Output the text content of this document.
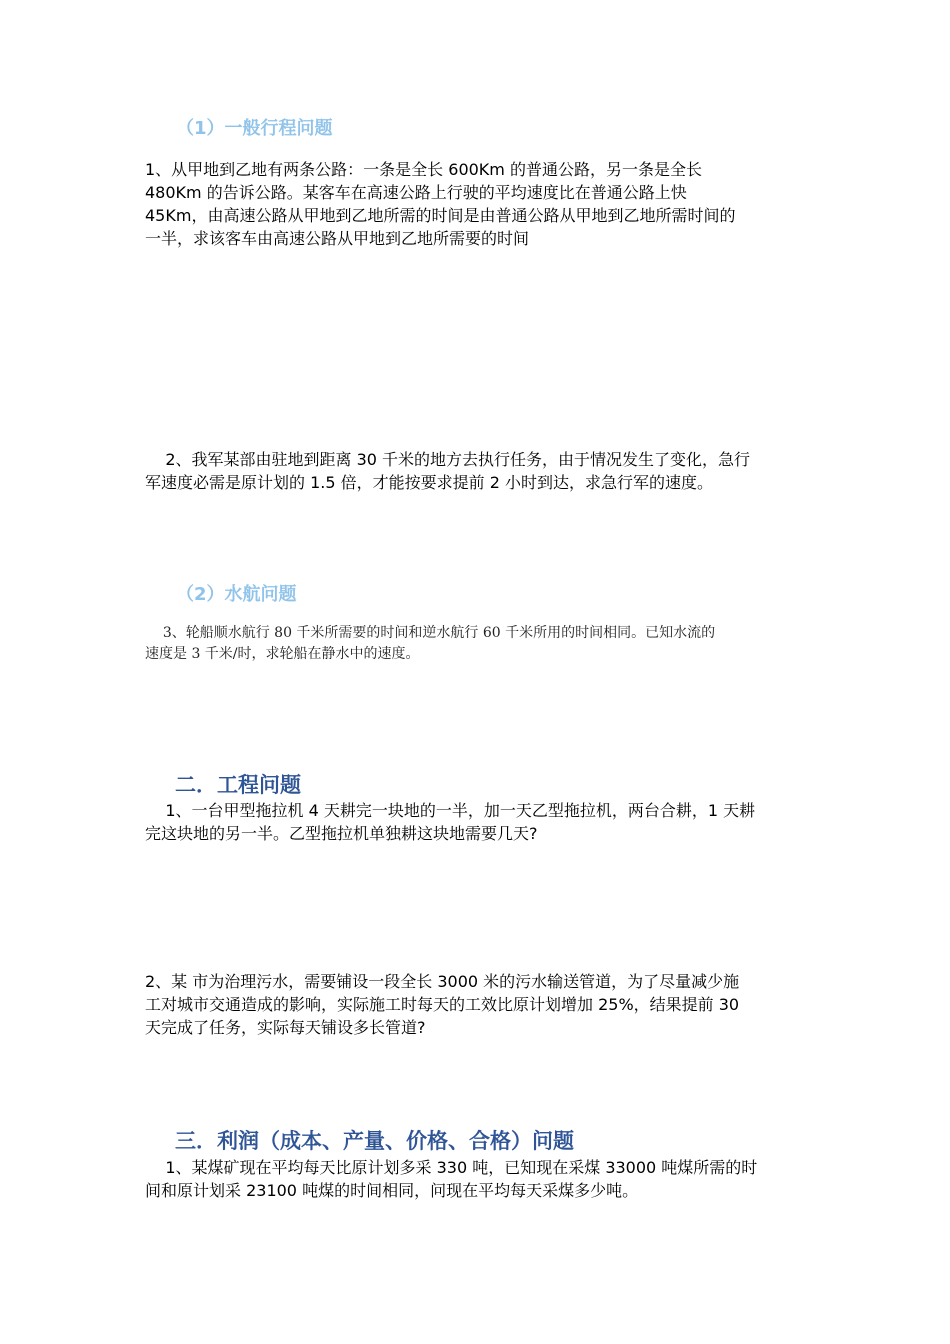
（1）一般行程问题
1、从甲地到乙地有两条公路：一条是全长 600Km 的普通公路，另一条是全长
480Km 的告诉公路。某客车在高速公路上行驶的平均速度比在普通公路上快
45Km，由高速公路从甲地到乙地所需的时间是由普通公路从甲地到乙地所需时间的
一半，求该客车由高速公路从甲地到乙地所需要的时间
2、我军某部由驻地到距离 30 千米的地方去执行任务，由于情况发生了变化，急行
军速度必需是原计划的 1.5 倍，才能按要求提前 2 小时到达，求急行军的速度。
（2）水航问题
3、轮船顺水航行 80 千米所需要的时间和逆水航行 60 千米所用的时间相同。已知水流的
速度是 3 千米/时，求轮船在静水中的速度。
二．工程问题
1、一台甲型拖拉机 4 天耕完一块地的一半，加一天乙型拖拉机，两台合耕，1 天耕
完这块地的另一半。乙型拖拉机单独耕这块地需要几天?
2、某 市为治理污水，需要铺设一段全长 3000 米的污水输送管道，为了尽量减少施
工对城市交通造成的影响，实际施工时每天的工效比原计划增加 25%，结果提前 30
天完成了任务，实际每天铺设多长管道?
三．利润（成本、产量、价格、合格）问题
1、某煤矿现在平均每天比原计划多采 330 吨，已知现在采煤 33000 吨煤所需的时
间和原计划采 23100 吨煤的时间相同，问现在平均每天采煤多少吨。
